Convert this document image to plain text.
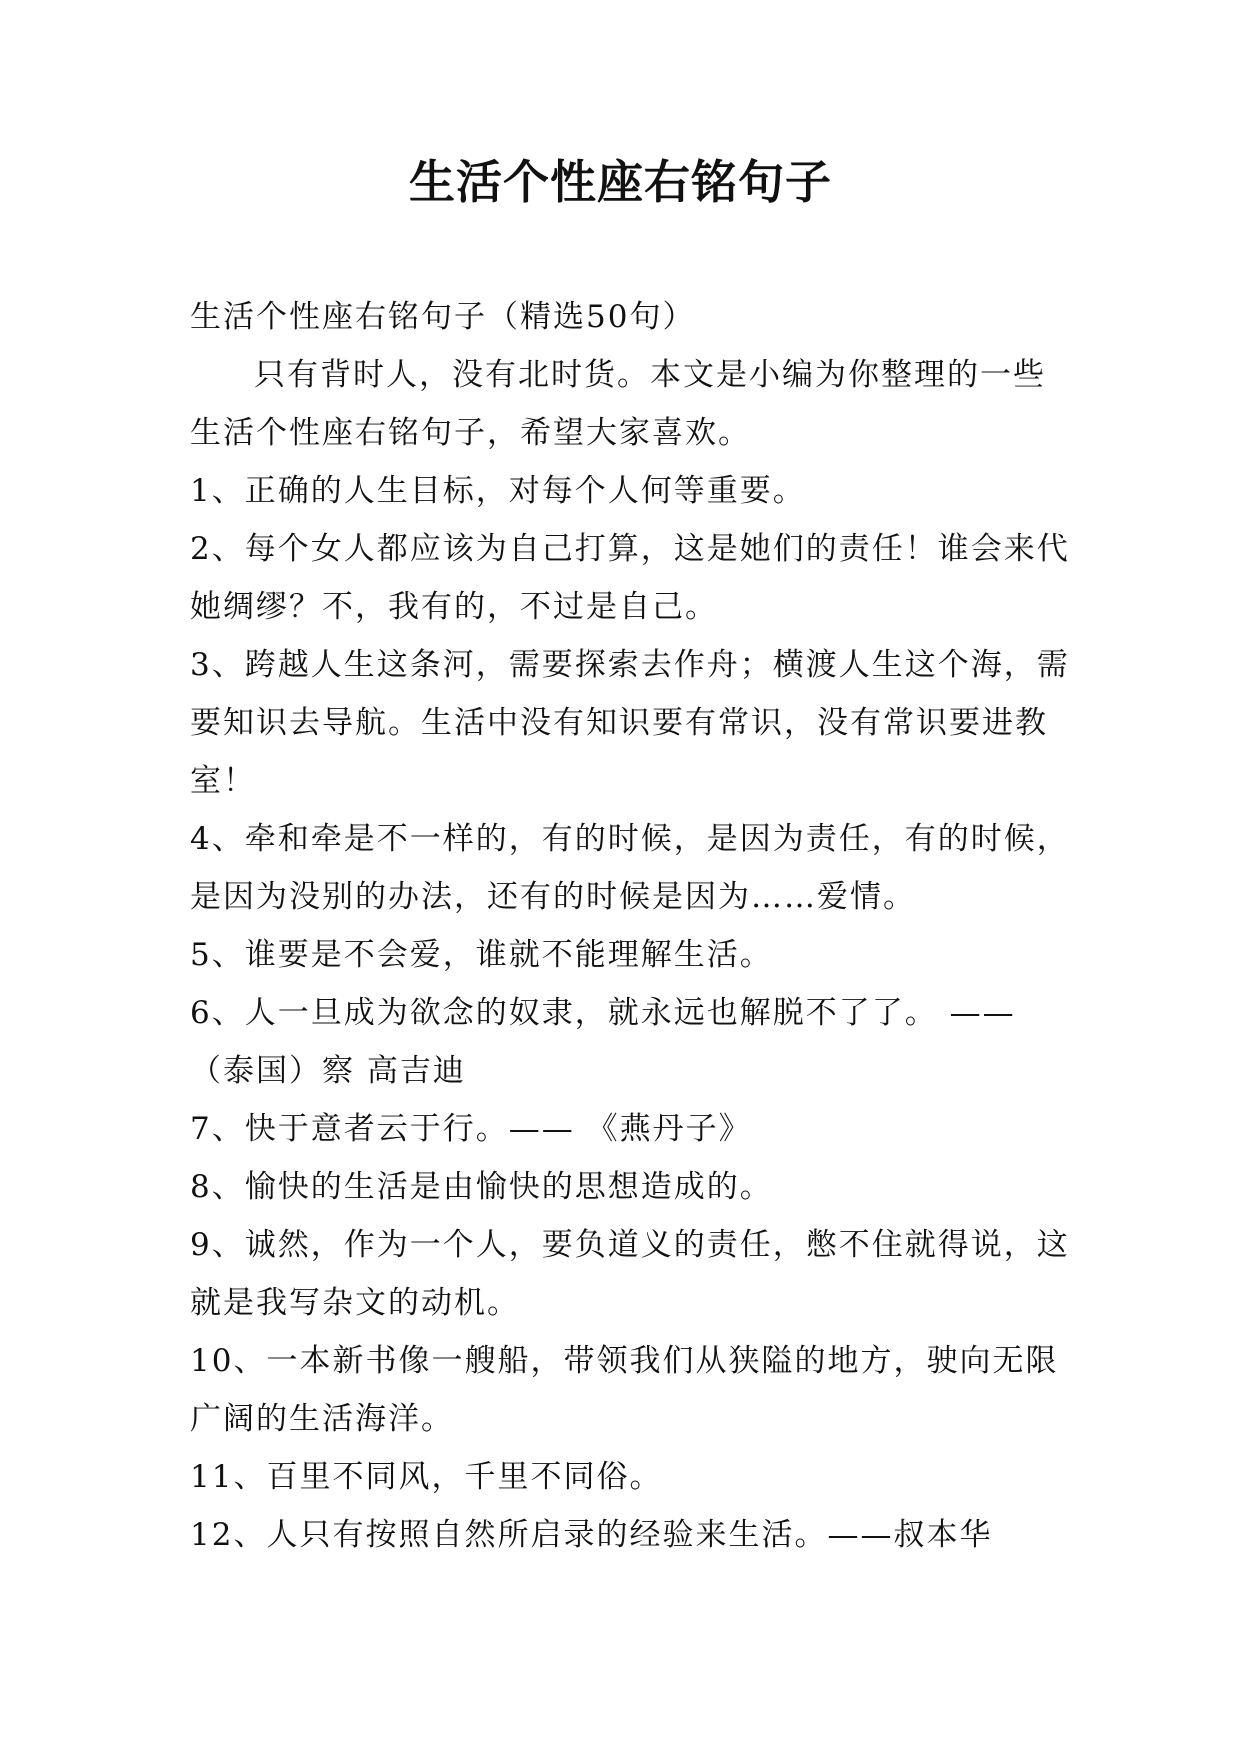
生活个性座右铭句子

生活个性座右铭句子（精选50句）

只有背时人，没有北时货。本文是小编为你整理的一些生活个性座右铭句子，希望大家喜欢。

1、正确的人生目标，对每个人何等重要。

2、每个女人都应该为自己打算，这是她们的责任！谁会来代她绸缪？不，我有的，不过是自己。

3、跨越人生这条河，需要探索去作舟；横渡人生这个海，需要知识去导航。生活中没有知识要有常识，没有常识要进教室！

4、牵和牵是不一样的，有的时候，是因为责任，有的时候，是因为没别的办法，还有的时候是因为……爱情。

5、谁要是不会爱，谁就不能理解生活。

6、人一旦成为欲念的奴隶，就永远也解脱不了了。 ——（泰国）察 高吉迪

7、快于意者云于行。—— 《燕丹子》

8、愉快的生活是由愉快的思想造成的。

9、诚然，作为一个人，要负道义的责任，憋不住就得说，这就是我写杂文的动机。

10、一本新书像一艘船，带领我们从狭隘的地方，驶向无限广阔的生活海洋。

11、百里不同风，千里不同俗。

12、人只有按照自然所启录的经验来生活。——叔本华
